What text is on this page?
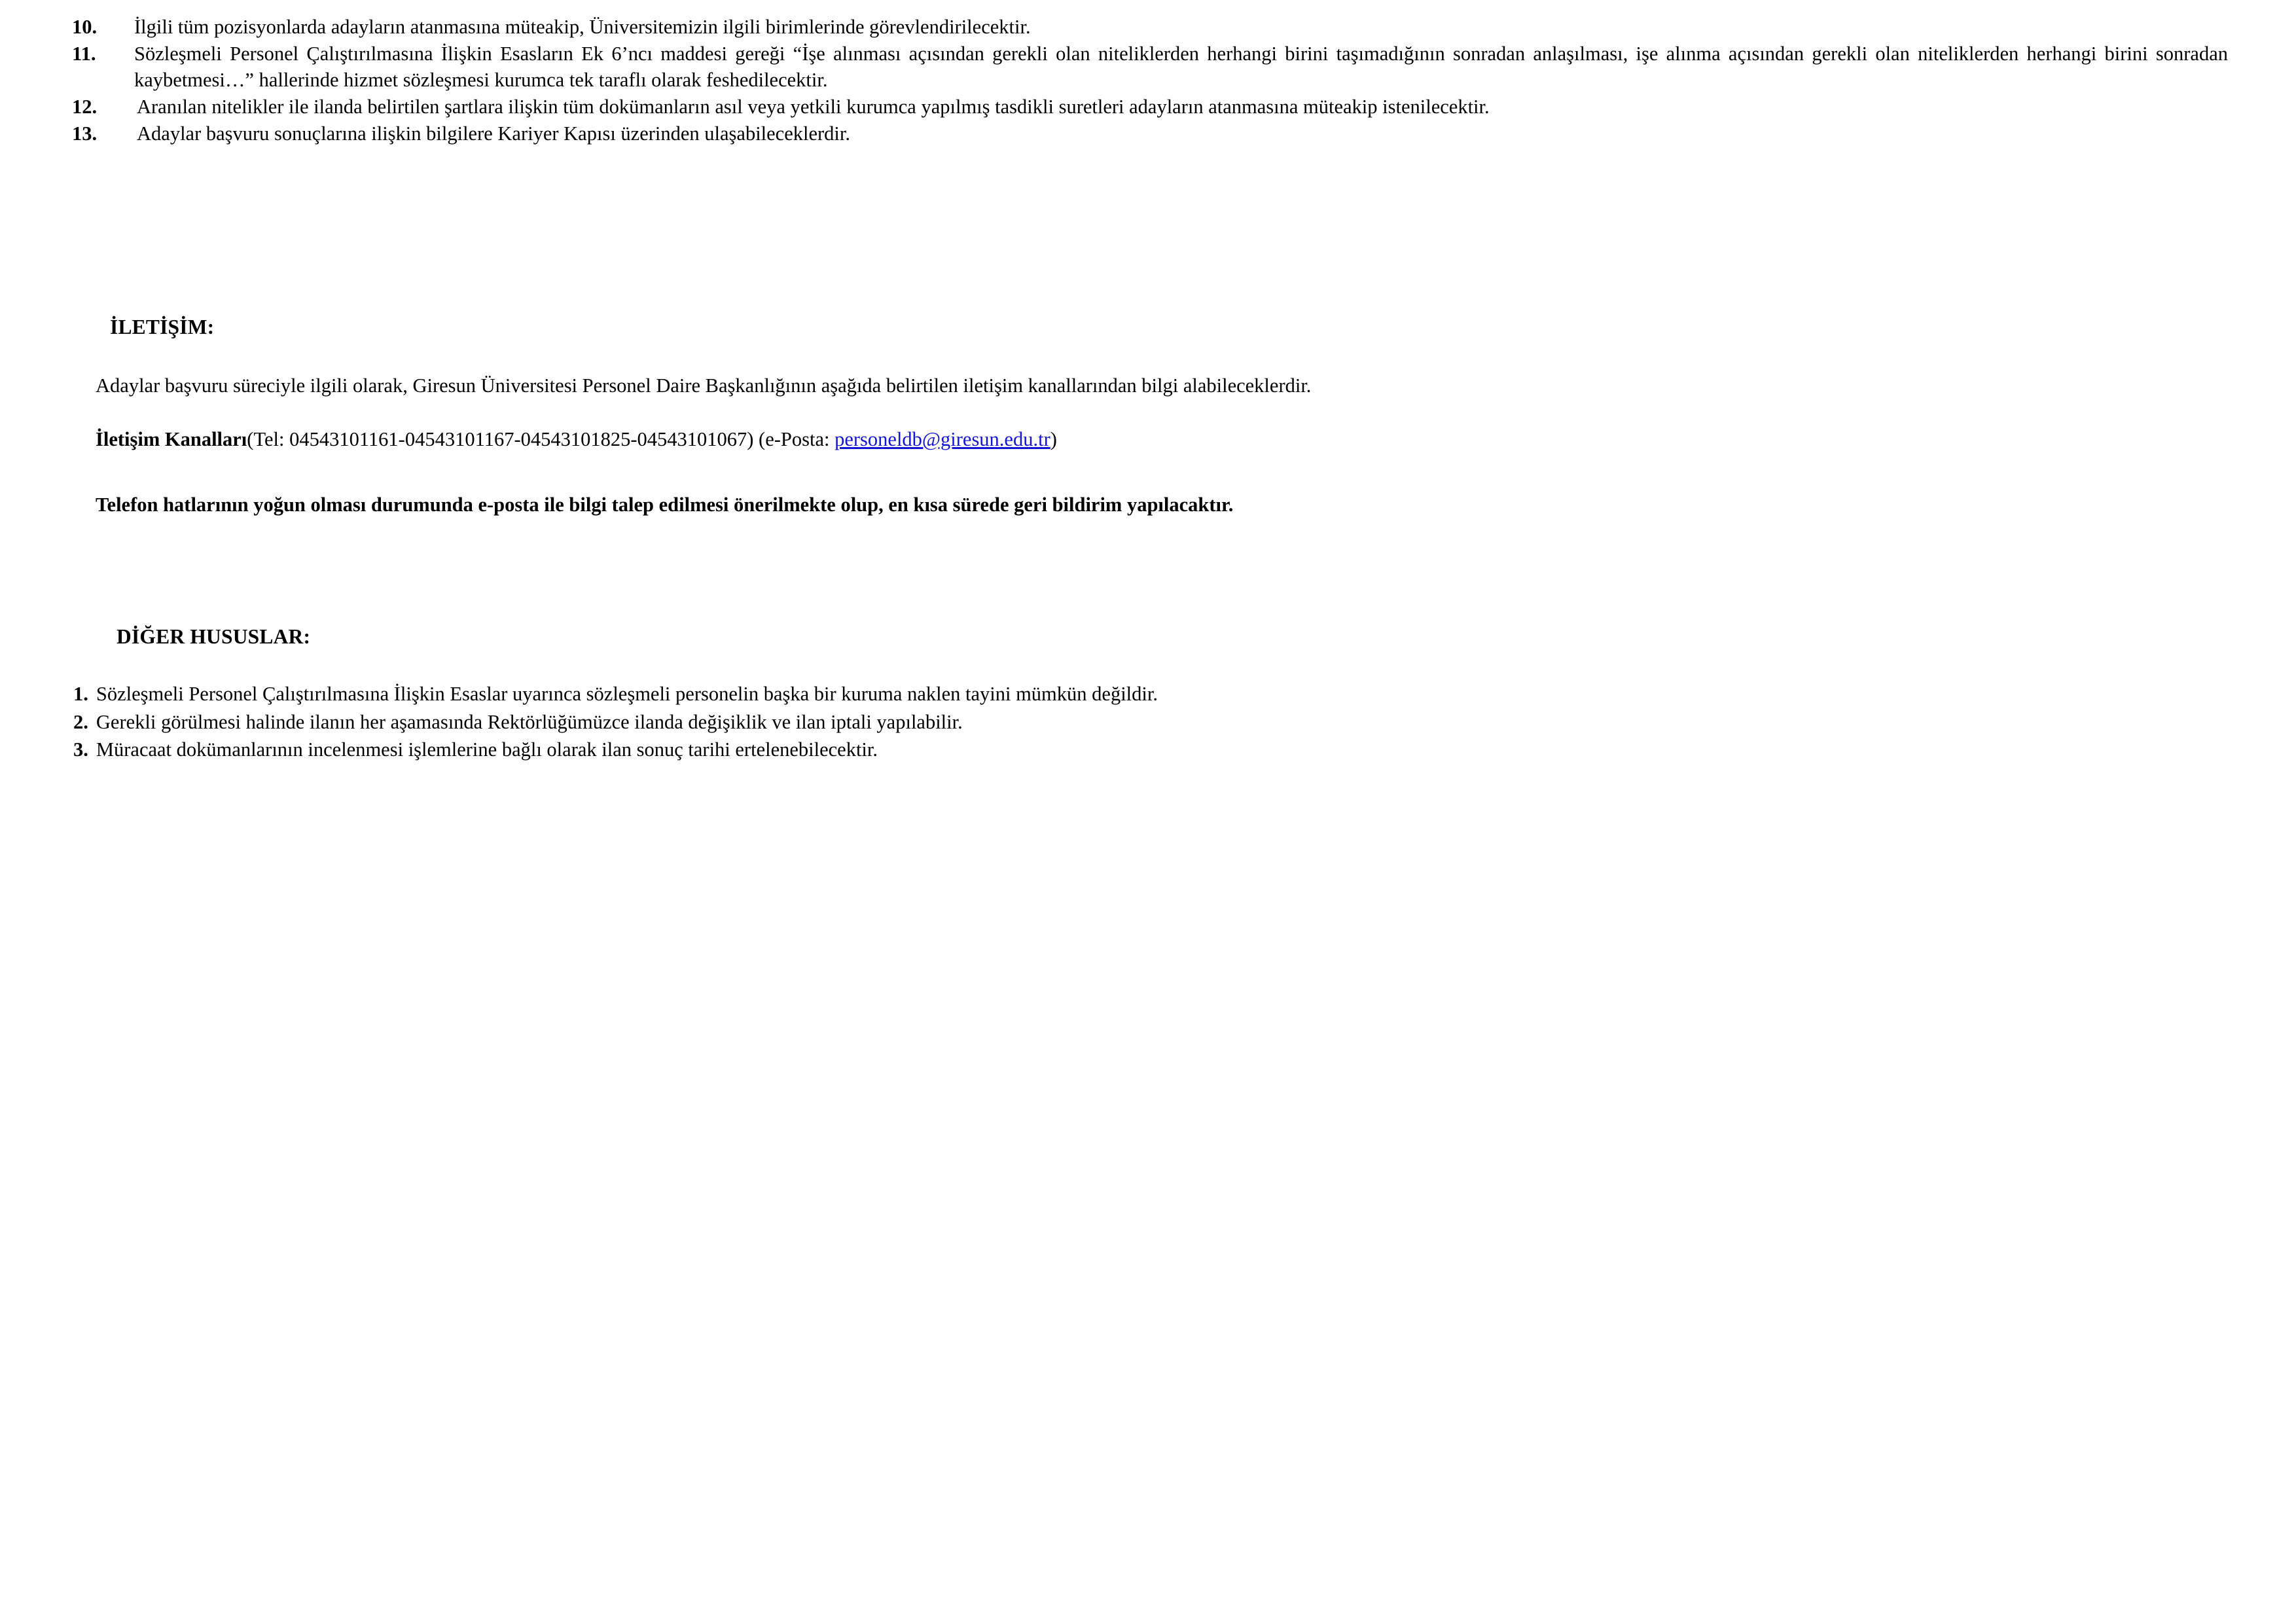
10.	İlgili tüm pozisyonlarda adayların atanmasına müteakip, Üniversitemizin ilgili birimlerinde görevlendirilecektir.
11.	Sözleşmeli Personel Çalıştırılmasına İlişkin Esasların Ek 6’ncı maddesi gereği “İşe alınması açısından gerekli olan niteliklerden herhangi birini taşımadığının sonradan anlaşılması, işe alınma açısından gerekli olan niteliklerden herhangi birini sonradan kaybetmesi…” hallerinde hizmet sözleşmesi kurumca tek taraflı olarak feshedilecektir.
12.	Aranılan nitelikler ile ilanda belirtilen şartlara ilişkin tüm dokümanların asıl veya yetkili kurumca yapılmış tasdikli suretleri adayların atanmasına müteakip istenilecektir.
13.	Adaylar başvuru sonuçlarına ilişkin bilgilere Kariyer Kapısı üzerinden ulaşabileceklerdir.
İLETİŞİM:
Adaylar başvuru süreciyle ilgili olarak, Giresun Üniversitesi Personel Daire Başkanlığının aşağıda belirtilen iletişim kanallarından bilgi alabileceklerdir.
İletişim Kanalları(Tel: 04543101161-04543101167-04543101825-04543101067) (e-Posta: personeldb@giresun.edu.tr)
Telefon hatlarının yoğun olması durumunda e-posta ile bilgi talep edilmesi önerilmekte olup, en kısa sürede geri bildirim yapılacaktır.
DİĞER HUSUSLAR:
1. Sözleşmeli Personel Çalıştırılmasına İlişkin Esaslar uyarınca sözleşmeli personelin başka bir kuruma naklen tayini mümkün değildir.
2. Gerekli görülmesi halinde ilanın her aşamasında Rektörlüğümüzce ilanda değişiklik ve ilan iptali yapılabilir.
3. Müracaat dokümanlarının incelenmesi işlemlerine bağlı olarak ilan sonuç tarihi ertelenebilecektir.
